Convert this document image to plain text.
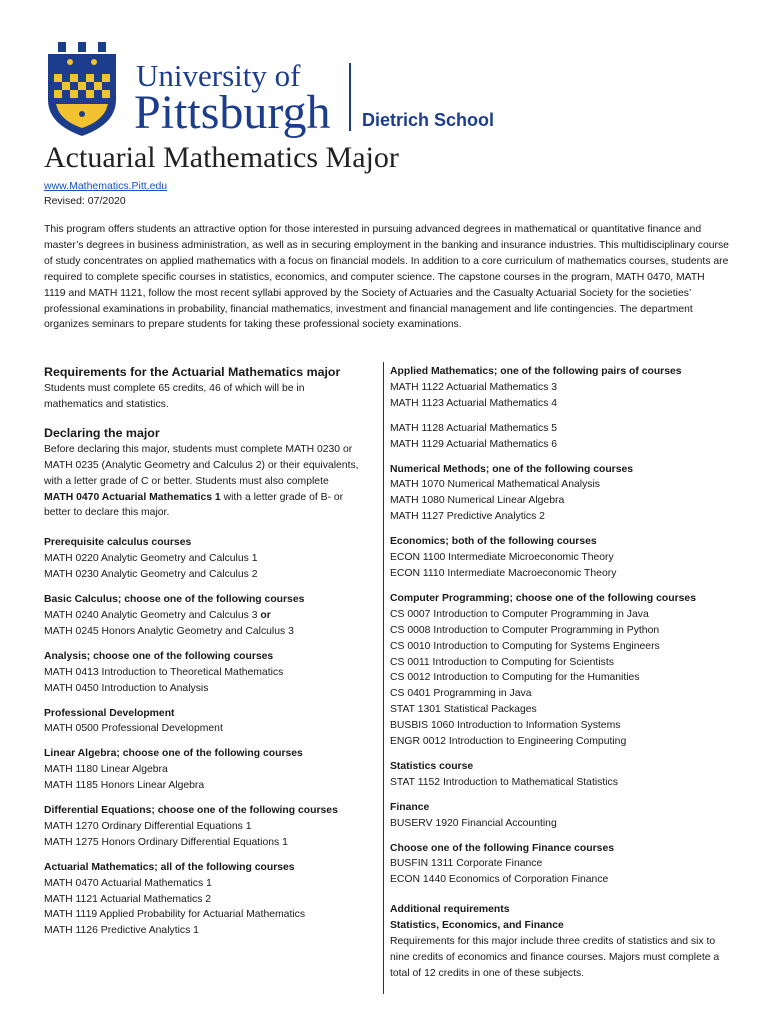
University of
Pittsburgh Dietrich School
Actuarial Mathematics Major
www.Mathematics.Pitt.edu
Revised: 07/2020
This program offers students an attractive option for those interested in pursuing advanced degrees in mathematical or quantitative finance and master’s degrees in business administration, as well as in securing employment in the banking and insurance industries. This multidisciplinary course of study concentrates on applied mathematics with a focus on financial models. In addition to a core curriculum of mathematics courses, students are required to complete specific courses in statistics, economics, and computer science. The capstone courses in the program, MATH 0470, MATH 1119 and MATH 1121, follow the most recent syllabi approved by the Society of Actuaries and the Casualty Actuarial Society for the societies’ professional examinations in probability, financial mathematics, investment and financial management and life contingencies. The department organizes seminars to prepare students for taking these professional society examinations.
Requirements for the Actuarial Mathematics major
Students must complete 65 credits, 46 of which will be in mathematics and statistics.
Declaring the major
Before declaring this major, students must complete MATH 0230 or MATH 0235 (Analytic Geometry and Calculus 2) or their equivalents, with a letter grade of C or better. Students must also complete MATH 0470 Actuarial Mathematics 1 with a letter grade of B- or better to declare this major.
Prerequisite calculus courses
MATH 0220 Analytic Geometry and Calculus 1
MATH 0230 Analytic Geometry and Calculus 2
Basic Calculus; choose one of the following courses
MATH 0240 Analytic Geometry and Calculus 3 or
MATH 0245 Honors Analytic Geometry and Calculus 3
Analysis; choose one of the following courses
MATH 0413 Introduction to Theoretical Mathematics
MATH 0450 Introduction to Analysis
Professional Development
MATH 0500 Professional Development
Linear Algebra; choose one of the following courses
MATH 1180 Linear Algebra
MATH 1185 Honors Linear Algebra
Differential Equations; choose one of the following courses
MATH 1270 Ordinary Differential Equations 1
MATH 1275 Honors Ordinary Differential Equations 1
Actuarial Mathematics; all of the following courses
MATH 0470 Actuarial Mathematics 1
MATH 1121 Actuarial Mathematics 2
MATH 1119 Applied Probability for Actuarial Mathematics
MATH 1126 Predictive Analytics 1
Applied Mathematics; one of the following pairs of courses
MATH 1122 Actuarial Mathematics 3
MATH 1123 Actuarial Mathematics 4
MATH 1128 Actuarial Mathematics 5
MATH 1129 Actuarial Mathematics 6
Numerical Methods; one of the following courses
MATH 1070 Numerical Mathematical Analysis
MATH 1080 Numerical Linear Algebra
MATH 1127 Predictive Analytics 2
Economics; both of the following courses
ECON 1100 Intermediate Microeconomic Theory
ECON 1110 Intermediate Macroeconomic Theory
Computer Programming; choose one of the following courses
CS 0007 Introduction to Computer Programming in Java
CS 0008 Introduction to Computer Programming in Python
CS 0010 Introduction to Computing for Systems Engineers
CS 0011 Introduction to Computing for Scientists
CS 0012 Introduction to Computing for the Humanities
CS 0401 Programming in Java
STAT 1301 Statistical Packages
BUSBIS 1060 Introduction to Information Systems
ENGR 0012 Introduction to Engineering Computing
Statistics course
STAT 1152 Introduction to Mathematical Statistics
Finance
BUSERV 1920 Financial Accounting
Choose one of the following Finance courses
BUSFIN 1311 Corporate Finance
ECON 1440 Economics of Corporation Finance
Additional requirements
Statistics, Economics, and Finance
Requirements for this major include three credits of statistics and six to nine credits of economics and finance courses. Majors must complete a total of 12 credits in one of these subjects.
